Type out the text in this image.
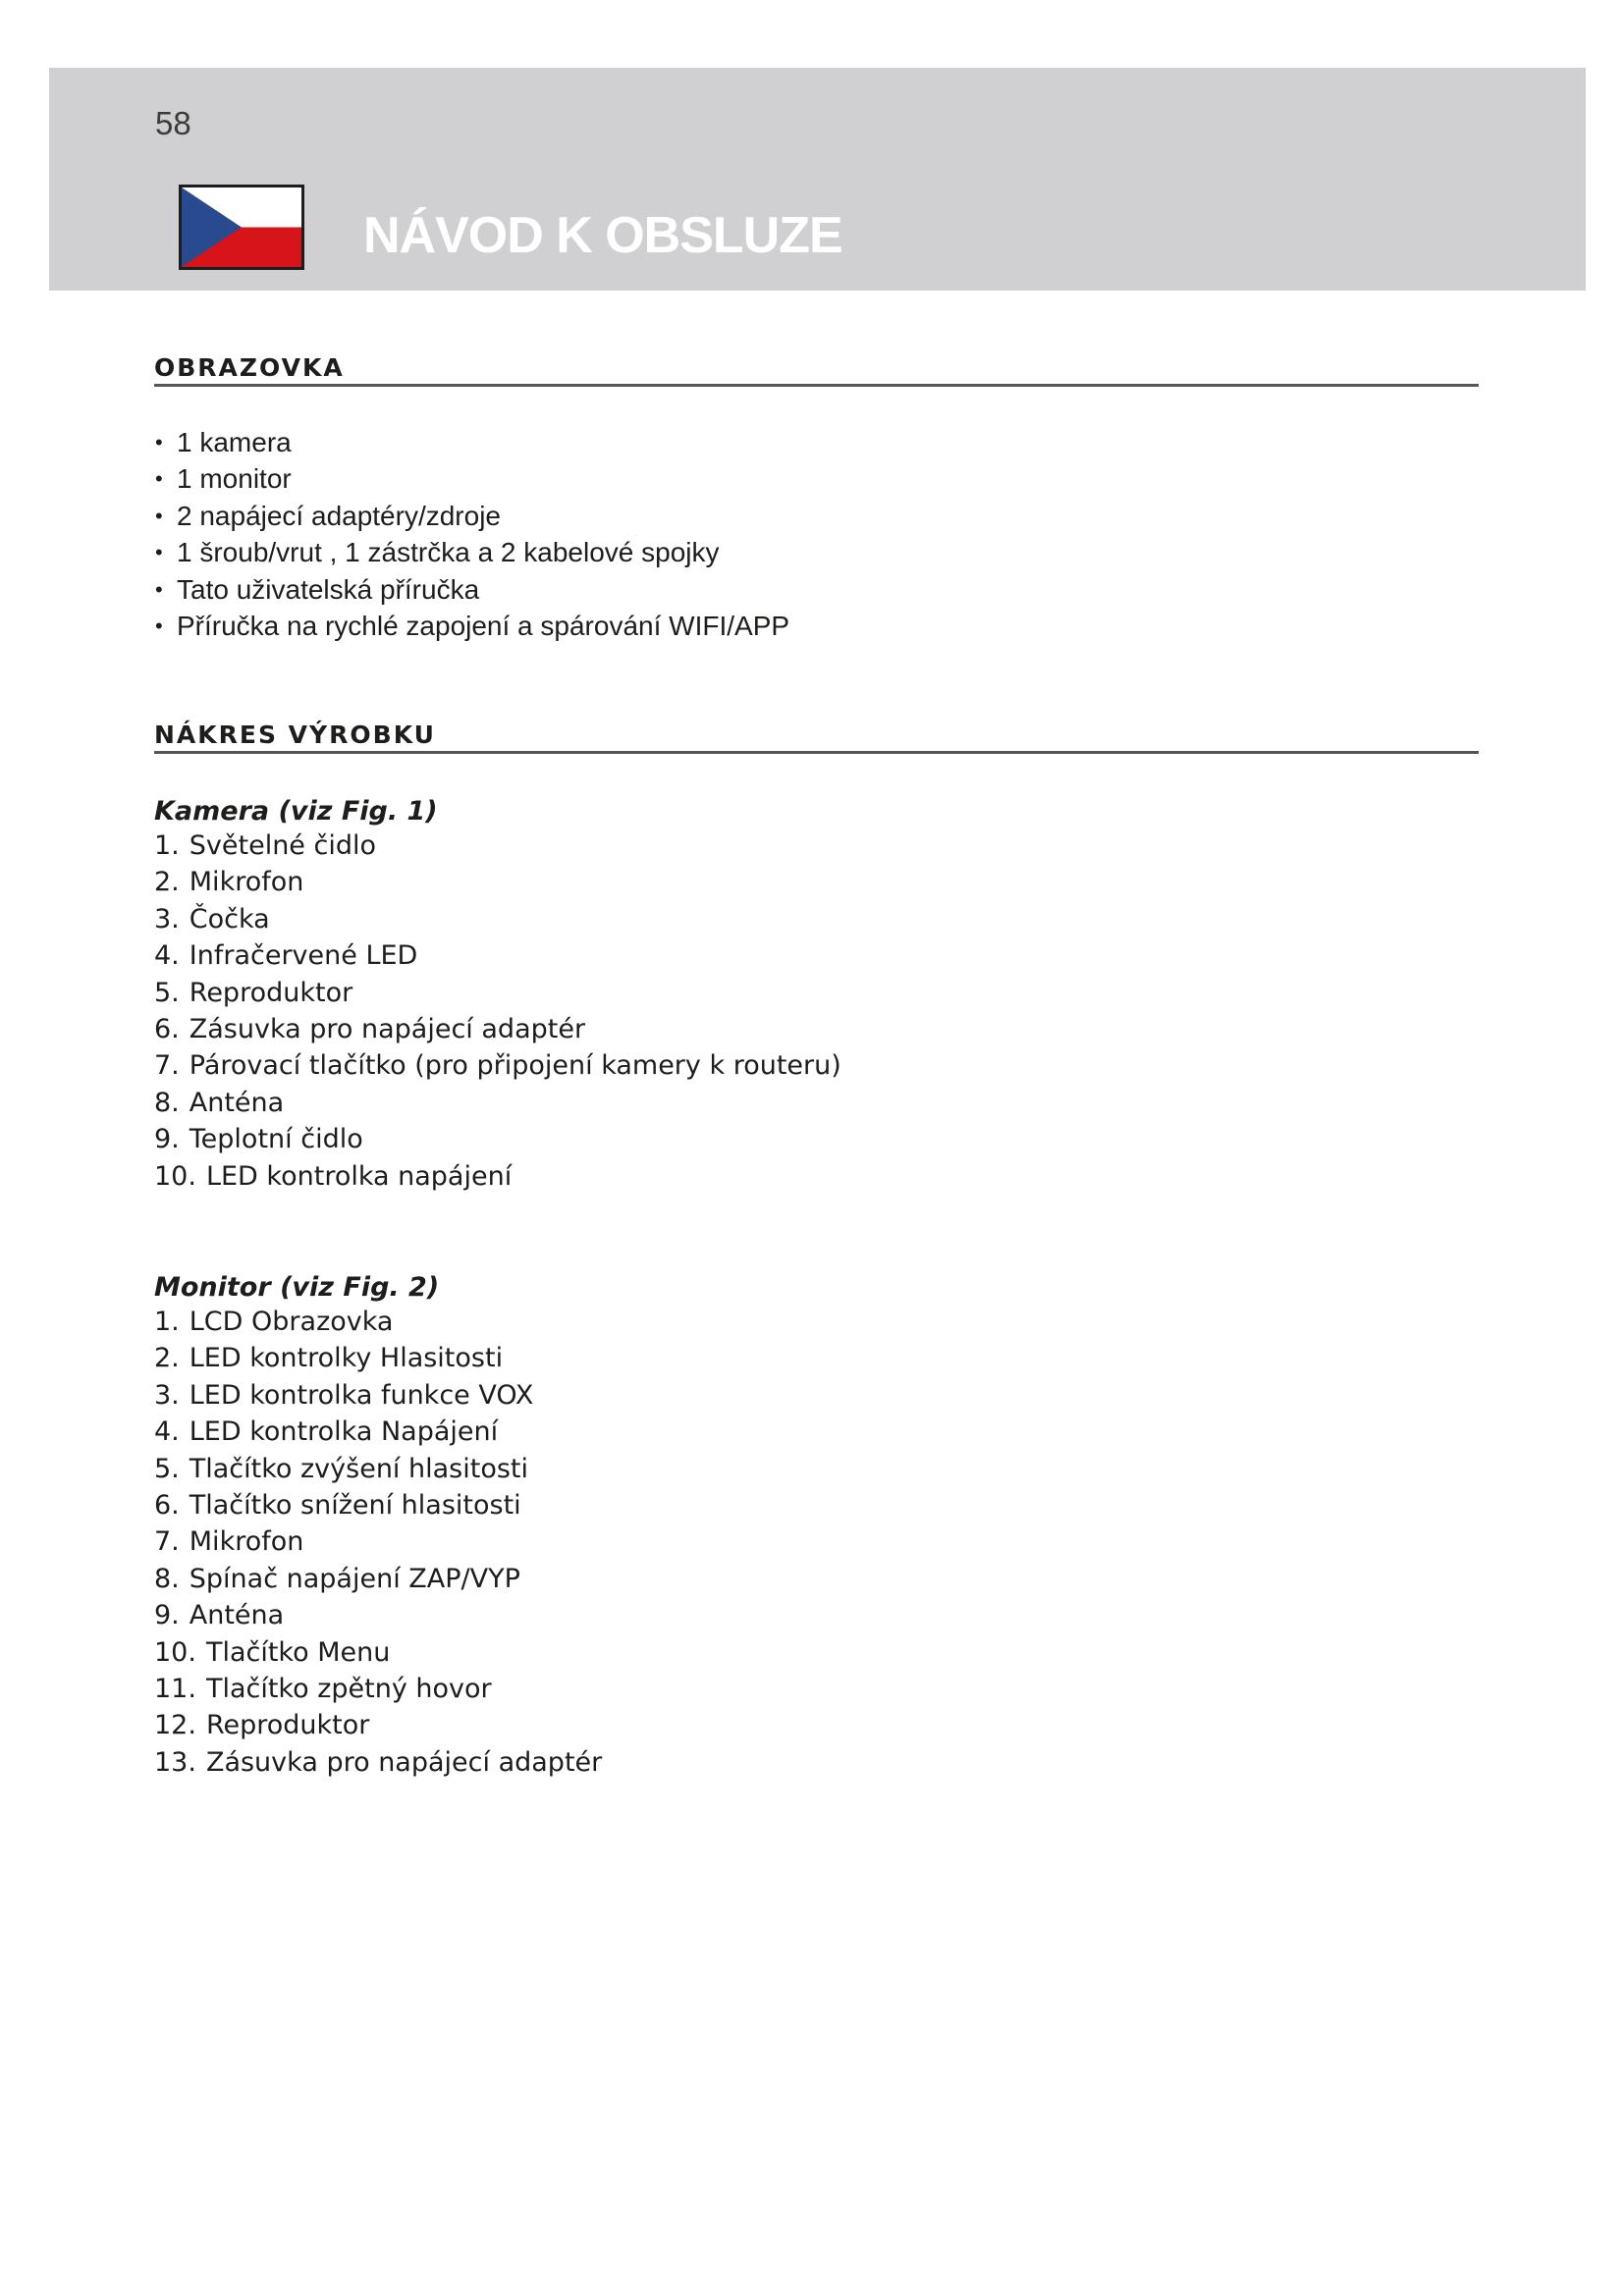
58
NÁVOD K OBSLUZE
OBRAZOVKA
• 1 kamera
• 1 monitor
• 2 napájecí adaptéry/zdroje
• 1 šroub/vrut , 1 zástrčka a 2 kabelové spojky
• Tato uživatelská příručka
• Příručka na rychlé zapojení a spárování WIFI/APP
NÁKRES VÝROBKU
Kamera (viz Fig. 1)
1. Světelné čidlo
2. Mikrofon
3. Čočka
4. Infračervené LED
5. Reproduktor
6. Zásuvka pro napájecí adaptér
7. Párovací tlačítko (pro připojení kamery k routeru)
8. Anténa
9. Teplotní čidlo
10. LED kontrolka napájení
Monitor (viz Fig. 2)
1. LCD Obrazovka
2. LED kontrolky Hlasitosti
3. LED kontrolka funkce VOX
4. LED kontrolka Napájení
5. Tlačítko zvýšení hlasitosti
6. Tlačítko snížení hlasitosti
7. Mikrofon
8. Spínač napájení ZAP/VYP
9. Anténa
10. Tlačítko Menu
11. Tlačítko zpětný hovor
12. Reproduktor
13. Zásuvka pro napájecí adaptér
